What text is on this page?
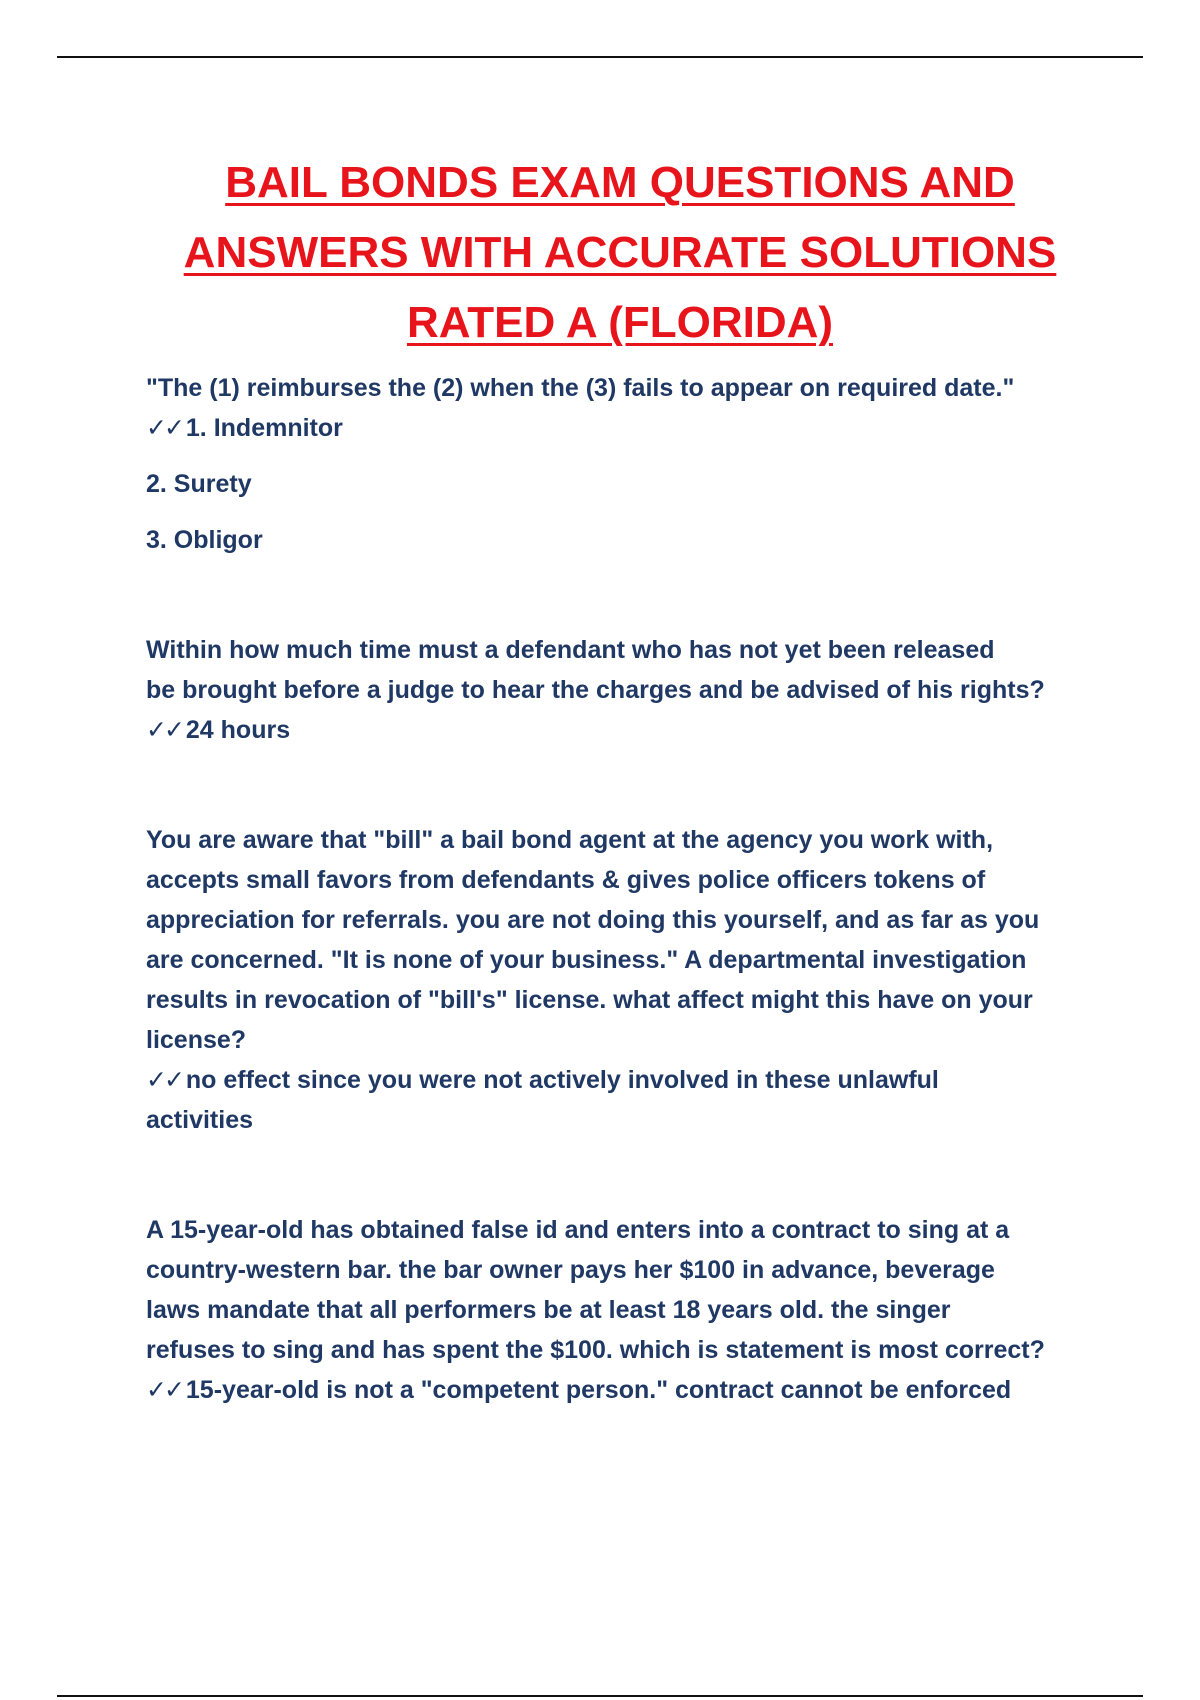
BAIL BONDS EXAM QUESTIONS AND
ANSWERS WITH ACCURATE SOLUTIONS
RATED A (FLORIDA)

"The (1) reimburses the (2) when the (3) fails to appear on required date."

✓✓ 1. Indemnitor

2. Surety

3. Obligor

Within how much time must a defendant who has not yet been released

be brought before a judge to hear the charges and be advised of his rights?

✓✓ 24 hours

You are aware that "bill" a bail bond agent at the agency you work with,

accepts small favors from defendants & gives police officers tokens of

appreciation for referrals. you are not doing this yourself, and as far as you

are concerned. "It is none of your business." A departmental investigation

results in revocation of "bill's" license. what affect might this have on your

license?

✓✓ no effect since you were not actively involved in these unlawful

activities

A 15-year-old has obtained false id and enters into a contract to sing at a

country-western bar. the bar owner pays her $100 in advance, beverage

laws mandate that all performers be at least 18 years old. the singer

refuses to sing and has spent the $100. which is statement is most correct?

✓✓ 15-year-old is not a "competent person." contract cannot be enforced
